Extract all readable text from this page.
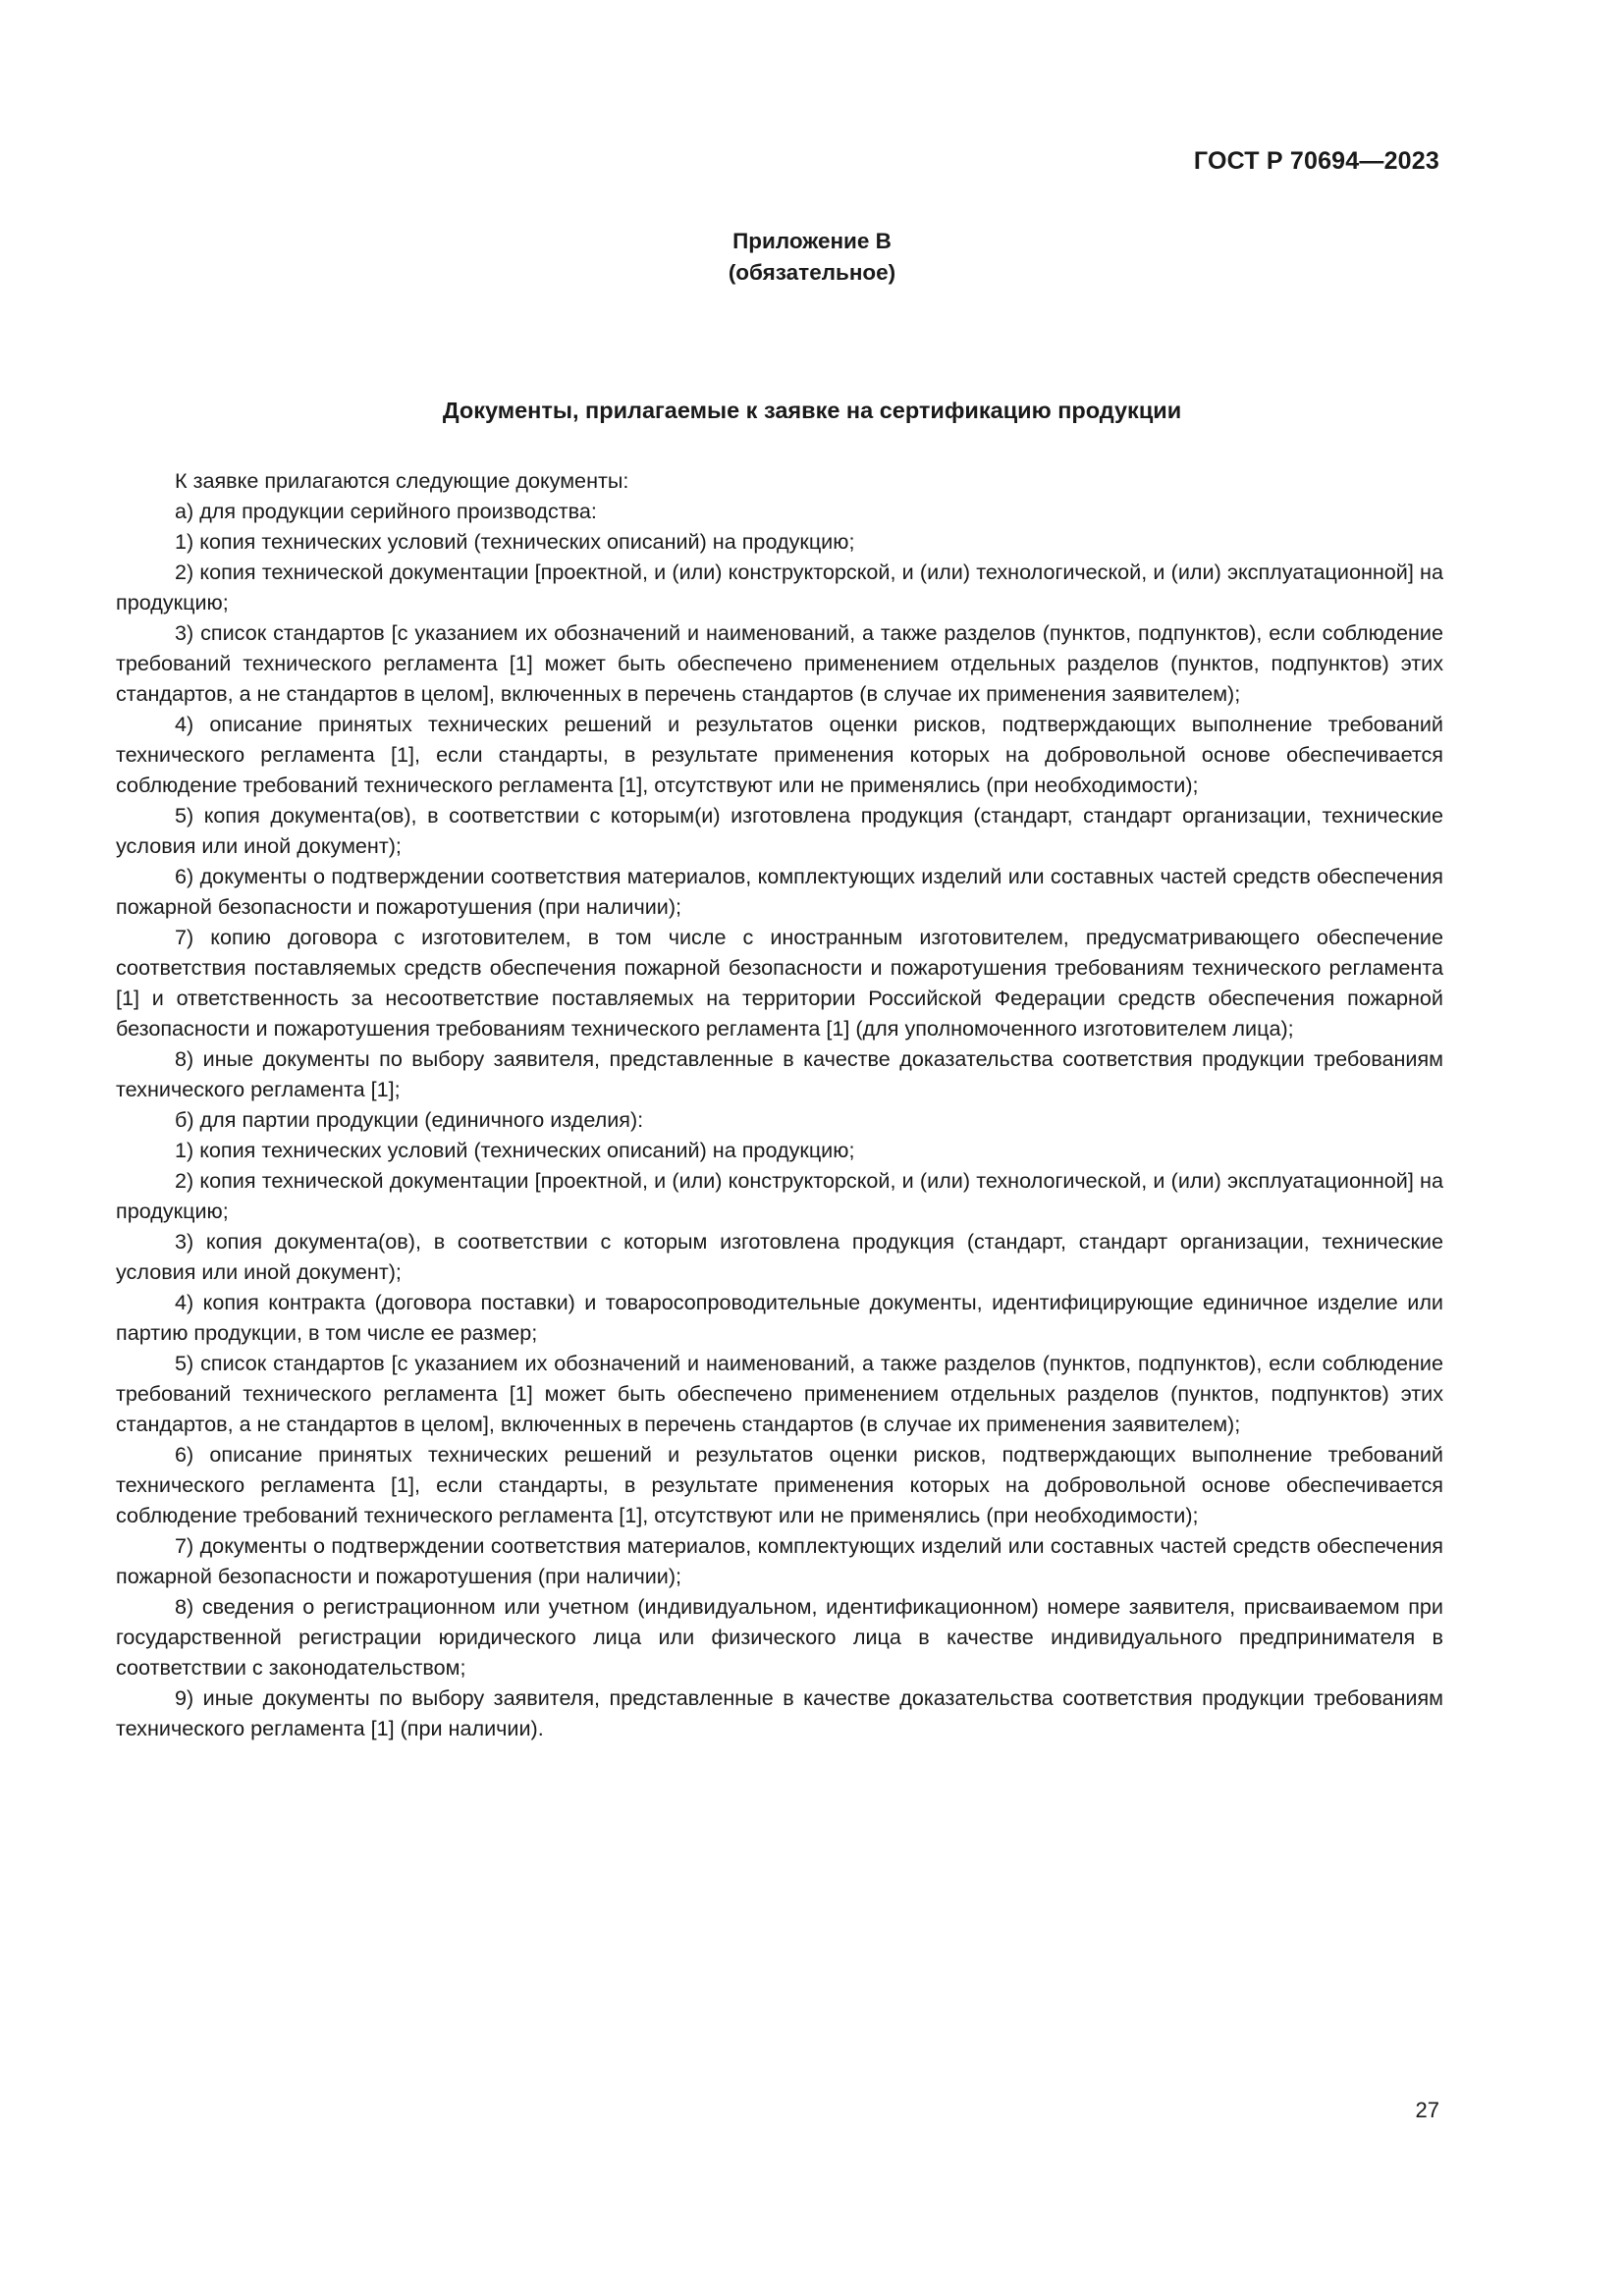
ГОСТ Р 70694—2023
Приложение В
(обязательное)
Документы, прилагаемые к заявке на сертификацию продукции

К заявке прилагаются следующие документы:

а) для продукции серийного производства:

1) копия технических условий (технических описаний) на продукцию;

2) копия технической документации [проектной, и (или) конструкторской, и (или) технологической, и (или) эксплуатационной] на продукцию;

3) список стандартов [с указанием их обозначений и наименований, а также разделов (пунктов, подпунктов), если соблюдение требований технического регламента [1] может быть обеспечено применением отдельных разделов (пунктов, подпунктов) этих стандартов, а не стандартов в целом], включенных в перечень стандартов (в случае их применения заявителем);

4) описание принятых технических решений и результатов оценки рисков, подтверждающих выполнение требований технического регламента [1], если стандарты, в результате применения которых на добровольной основе обеспечивается соблюдение требований технического регламента [1], отсутствуют или не применялись (при необходимости);

5) копия документа(ов), в соответствии с которым(и) изготовлена продукция (стандарт, стандарт организации, технические условия или иной документ);

6) документы о подтверждении соответствия материалов, комплектующих изделий или составных частей средств обеспечения пожарной безопасности и пожаротушения (при наличии);

7) копию договора с изготовителем, в том числе с иностранным изготовителем, предусматривающего обеспечение соответствия поставляемых средств обеспечения пожарной безопасности и пожаротушения требованиям технического регламента [1] и ответственность за несоответствие поставляемых на территории Российской Федерации средств обеспечения пожарной безопасности и пожаротушения требованиям технического регламента [1] (для уполномоченного изготовителем лица);

8) иные документы по выбору заявителя, представленные в качестве доказательства соответствия продукции требованиям технического регламента [1];

б) для партии продукции (единичного изделия):

1) копия технических условий (технических описаний) на продукцию;

2) копия технической документации [проектной, и (или) конструкторской, и (или) технологической, и (или) эксплуатационной] на продукцию;

3) копия документа(ов), в соответствии с которым изготовлена продукция (стандарт, стандарт организации, технические условия или иной документ);

4) копия контракта (договора поставки) и товаросопроводительные документы, идентифицирующие единичное изделие или партию продукции, в том числе ее размер;

5) список стандартов [с указанием их обозначений и наименований, а также разделов (пунктов, подпунктов), если соблюдение требований технического регламента [1] может быть обеспечено применением отдельных разделов (пунктов, подпунктов) этих стандартов, а не стандартов в целом], включенных в перечень стандартов (в случае их применения заявителем);

6) описание принятых технических решений и результатов оценки рисков, подтверждающих выполнение требований технического регламента [1], если стандарты, в результате применения которых на добровольной основе обеспечивается соблюдение требований технического регламента [1], отсутствуют или не применялись (при необходимости);

7) документы о подтверждении соответствия материалов, комплектующих изделий или составных частей средств обеспечения пожарной безопасности и пожаротушения (при наличии);

8) сведения о регистрационном или учетном (индивидуальном, идентификационном) номере заявителя, присваиваемом при государственной регистрации юридического лица или физического лица в качестве индивидуального предпринимателя в соответствии с законодательством;

9) иные документы по выбору заявителя, представленные в качестве доказательства соответствия продукции требованиям технического регламента [1] (при наличии).

27
